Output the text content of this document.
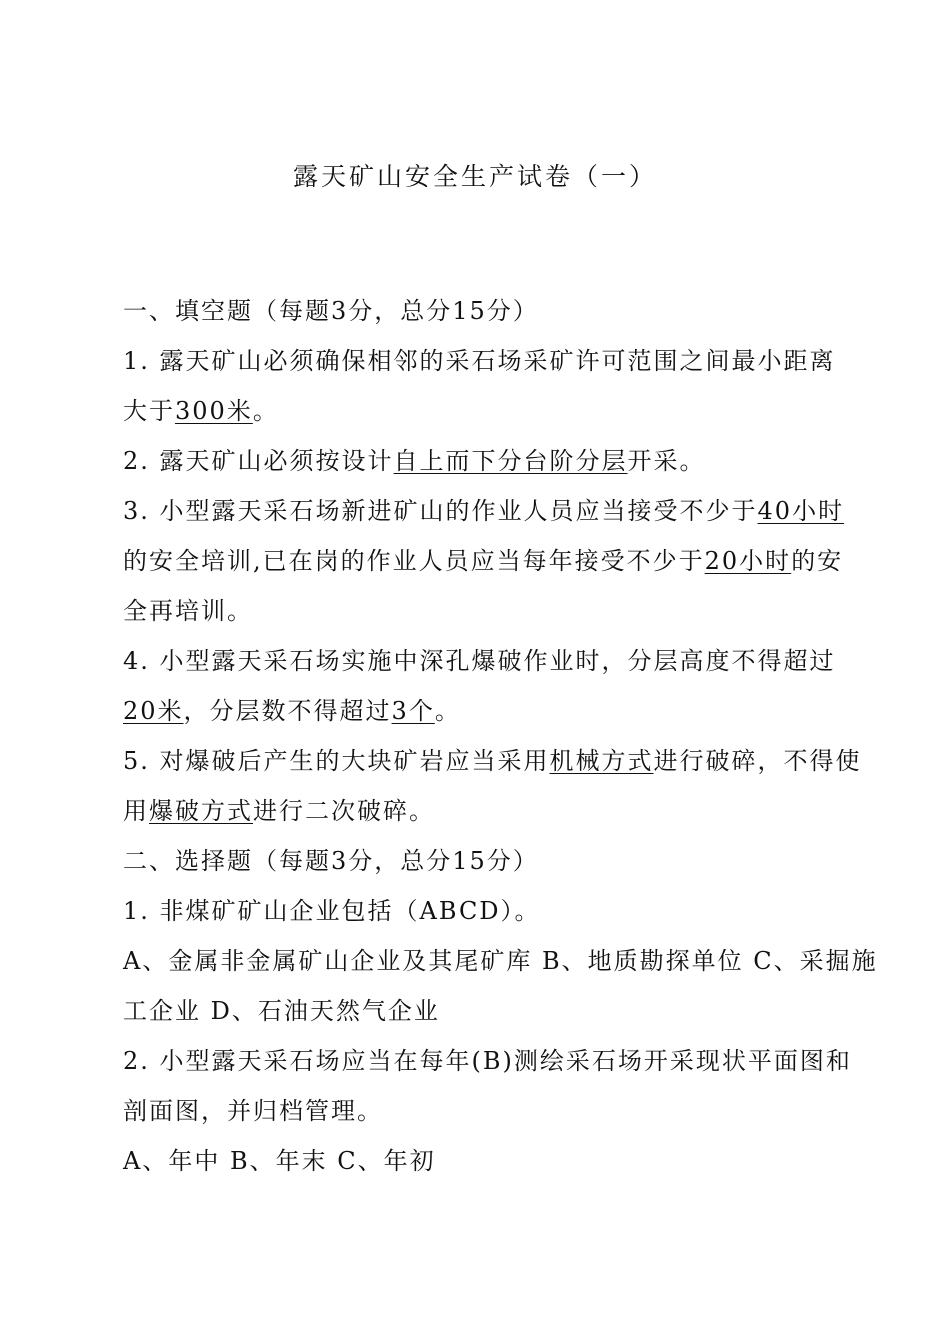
露天矿山安全生产试卷（一）
一、填空题（每题3分，总分15分）
1. 露天矿山必须确保相邻的采石场采矿许可范围之间最小距离
大于300米。
2. 露天矿山必须按设计自上而下分台阶分层开采。
3. 小型露天采石场新进矿山的作业人员应当接受不少于40小时
的安全培训,已在岗的作业人员应当每年接受不少于20小时的安
全再培训。
4. 小型露天采石场实施中深孔爆破作业时，分层高度不得超过
20米，分层数不得超过3个。
5. 对爆破后产生的大块矿岩应当采用机械方式进行破碎，不得使
用爆破方式进行二次破碎。
二、选择题（每题3分，总分15分）
1. 非煤矿矿山企业包括（ABCD）。
A、金属非金属矿山企业及其尾矿库 B、地质勘探单位 C、采掘施
工企业 D、石油天然气企业
2. 小型露天采石场应当在每年(B)测绘采石场开采现状平面图和
剖面图，并归档管理。
A、年中 B、年末 C、年初
